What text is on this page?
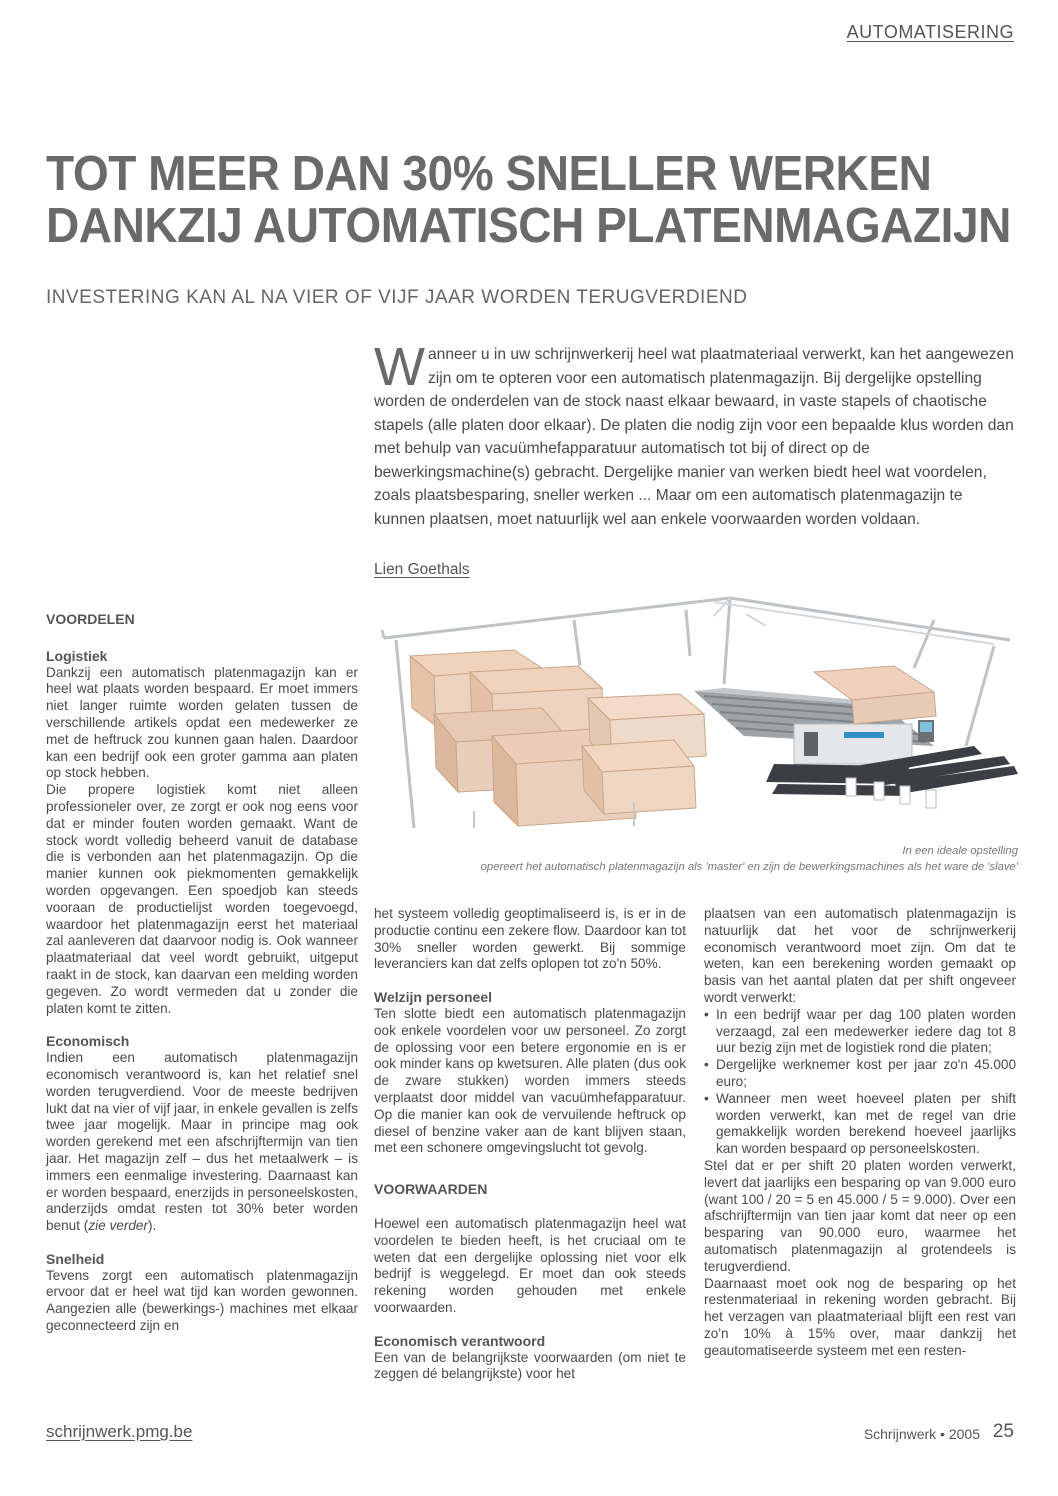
AUTOMATISERING
TOT MEER DAN 30% SNELLER WERKEN
DANKZIJ AUTOMATISCH PLATENMAGAZIJN
INVESTERING KAN AL NA VIER OF VIJF JAAR WORDEN TERUGVERDIEND

Wanneer u in uw schrijnwerkerij heel wat plaatmateriaal verwerkt, kan het aangewezen zijn om te opteren voor een automatisch platenmagazijn. Bij dergelijke opstelling worden de onderdelen van de stock naast elkaar bewaard, in vaste stapels of chaotische stapels (alle platen door elkaar). De platen die nodig zijn voor een bepaalde klus worden dan met behulp van vacuümhefapparatuur automatisch tot bij of direct op de bewerkingsmachine(s) gebracht. Dergelijke manier van werken biedt heel wat voordelen, zoals plaatsbesparing, sneller werken ... Maar om een automatisch platenmagazijn te kunnen plaatsen, moet natuurlijk wel aan enkele voorwaarden worden voldaan.

Lien Goethals
In een ideale opstelling
opereert het automatisch platenmagazijn als 'master' en zijn de bewerkingsmachines als het ware de 'slave'
VOORDELEN
Logistiek

Dankzij een automatisch platenmagazijn kan er heel wat plaats worden bespaard. Er moet immers niet langer ruimte worden gelaten tussen de verschillende artikels opdat een medewerker ze met de heftruck zou kunnen gaan halen. Daardoor kan een bedrijf ook een groter gamma aan platen op stock hebben.

Die propere logistiek komt niet alleen professioneler over, ze zorgt er ook nog eens voor dat er minder fouten worden gemaakt. Want de stock wordt volledig beheerd vanuit de database die is verbonden aan het platenmagazijn. Op die manier kunnen ook piekmomenten gemakkelijk worden opgevangen. Een spoedjob kan steeds vooraan de productielijst worden toegevoegd, waardoor het platenmagazijn eerst het materiaal zal aanleveren dat daarvoor nodig is. Ook wanneer plaatmateriaal dat veel wordt gebruikt, uitgeput raakt in de stock, kan daarvan een melding worden gegeven. Zo wordt vermeden dat u zonder die platen komt te zitten.

Economisch

Indien een automatisch platenmagazijn economisch verantwoord is, kan het relatief snel worden terugverdiend. Voor de meeste bedrijven lukt dat na vier of vijf jaar, in enkele gevallen is zelfs twee jaar mogelijk. Maar in principe mag ook worden gerekend met een afschrijftermijn van tien jaar. Het magazijn zelf – dus het metaalwerk – is immers een eenmalige investering. Daarnaast kan er worden bespaard, enerzijds in personeelskosten, anderzijds omdat resten tot 30% beter worden benut (zie verder).

Snelheid

Tevens zorgt een automatisch platenmagazijn ervoor dat er heel wat tijd kan worden gewonnen. Aangezien alle (bewerkings-) machines met elkaar geconnecteerd zijn en

het systeem volledig geoptimaliseerd is, is er in de productie continu een zekere flow. Daardoor kan tot 30% sneller worden gewerkt. Bij sommige leveranciers kan dat zelfs oplopen tot zo'n 50%.

Welzijn personeel

Ten slotte biedt een automatisch platenmagazijn ook enkele voordelen voor uw personeel. Zo zorgt de oplossing voor een betere ergonomie en is er ook minder kans op kwetsuren. Alle platen (dus ook de zware stukken) worden immers steeds verplaatst door middel van vacuümhefapparatuur. Op die manier kan ook de vervuilende heftruck op diesel of benzine vaker aan de kant blijven staan, met een schonere omgevingslucht tot gevolg.

VOORWAARDEN

Hoewel een automatisch platenmagazijn heel wat voordelen te bieden heeft, is het cruciaal om te weten dat een dergelijke oplossing niet voor elk bedrijf is weggelegd. Er moet dan ook steeds rekening worden gehouden met enkele voorwaarden.

Economisch verantwoord

Een van de belangrijkste voorwaarden (om niet te zeggen dé belangrijkste) voor het

plaatsen van een automatisch platenmagazijn is natuurlijk dat het voor de schrijnwerkerij economisch verantwoord moet zijn. Om dat te weten, kan een berekening worden gemaakt op basis van het aantal platen dat per shift ongeveer wordt verwerkt:

• In een bedrijf waar per dag 100 platen worden verzaagd, zal een medewerker iedere dag tot 8 uur bezig zijn met de logistiek rond die platen;
• Dergelijke werknemer kost per jaar zo'n 45.000 euro;
• Wanneer men weet hoeveel platen per shift worden verwerkt, kan met de regel van drie gemakkelijk worden berekend hoeveel jaarlijks kan worden bespaard op personeelskosten.

Stel dat er per shift 20 platen worden verwerkt, levert dat jaarlijks een besparing op van 9.000 euro (want 100 / 20 = 5 en 45.000 / 5 = 9.000). Over een afschrijftermijn van tien jaar komt dat neer op een besparing van 90.000 euro, waarmee het automatisch platenmagazijn al grotendeels is terugverdiend.

Daarnaast moet ook nog de besparing op het restenmateriaal in rekening worden gebracht. Bij het verzagen van plaatmateriaal blijft een rest van zo'n 10% à 15% over, maar dankzij het geautomatiseerde systeem met een resten-

schrijnwerk.pmg.be	Schrijnwerk • 2005 25
